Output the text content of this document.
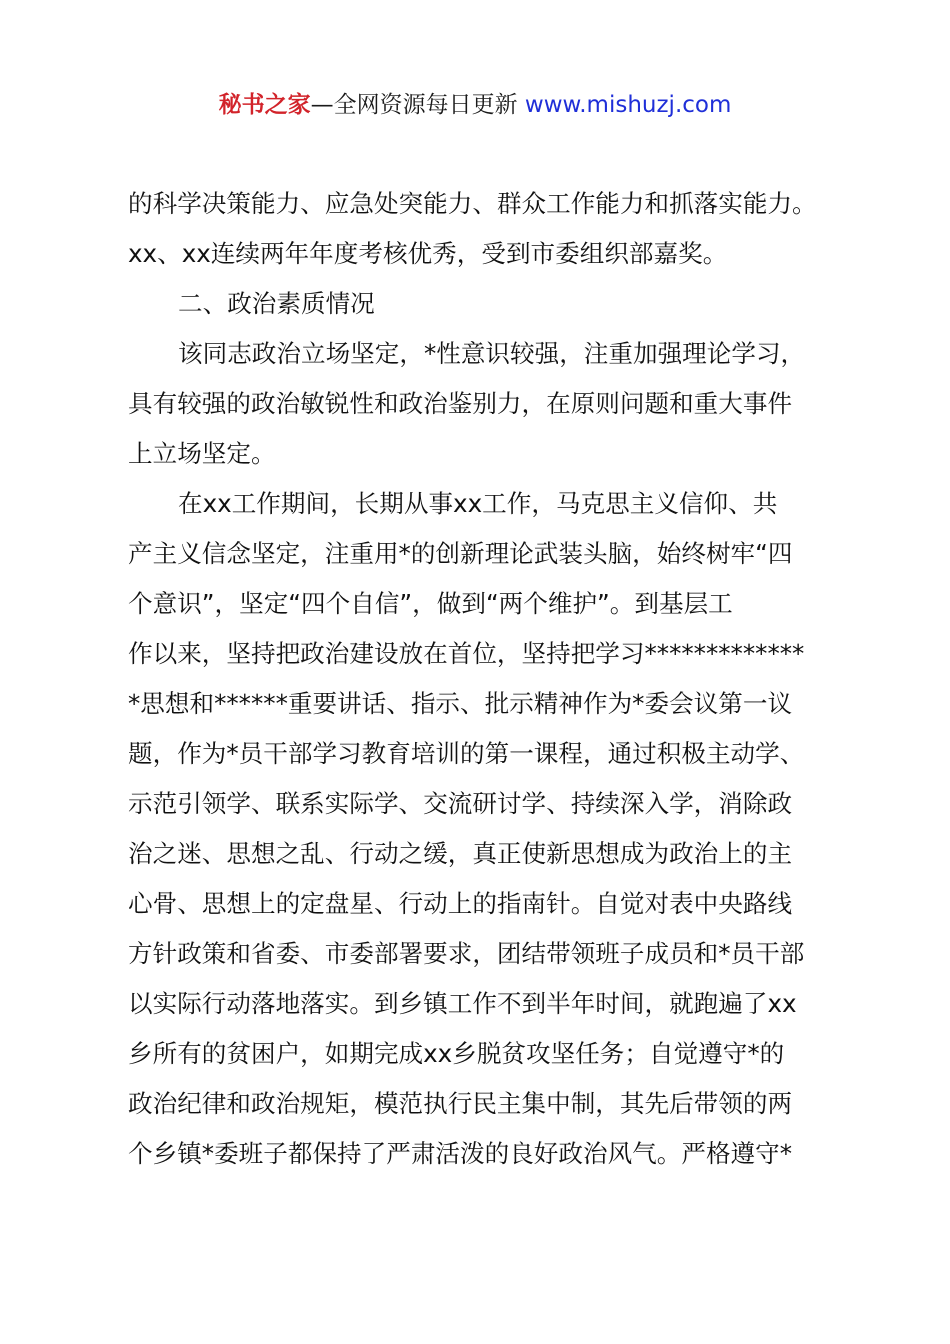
秘书之家—全网资源每日更新 www.mishuzj.com
的科学决策能力、应急处突能力、群众工作能力和抓落实能力。
xx、xx连续两年年度考核优秀，受到市委组织部嘉奖。
二、政治素质情况
该同志政治立场坚定，*性意识较强，注重加强理论学习，
具有较强的政治敏锐性和政治鉴别力，在原则问题和重大事件
上立场坚定。
在xx工作期间，长期从事xx工作，马克思主义信仰、共
产主义信念坚定，注重用*的创新理论武装头脑，始终树牢“四
个意识”，坚定“四个自信”，做到“两个维护”。到基层工
作以来，坚持把政治建设放在首位，坚持把学习*************
*思想和******重要讲话、指示、批示精神作为*委会议第一议
题，作为*员干部学习教育培训的第一课程，通过积极主动学、
示范引领学、联系实际学、交流研讨学、持续深入学，消除政
治之迷、思想之乱、行动之缓，真正使新思想成为政治上的主
心骨、思想上的定盘星、行动上的指南针。自觉对表中央路线
方针政策和省委、市委部署要求，团结带领班子成员和*员干部
以实际行动落地落实。到乡镇工作不到半年时间，就跑遍了xx
乡所有的贫困户，如期完成xx乡脱贫攻坚任务；自觉遵守*的
政治纪律和政治规矩，模范执行民主集中制，其先后带领的两
个乡镇*委班子都保持了严肃活泼的良好政治风气。严格遵守*
